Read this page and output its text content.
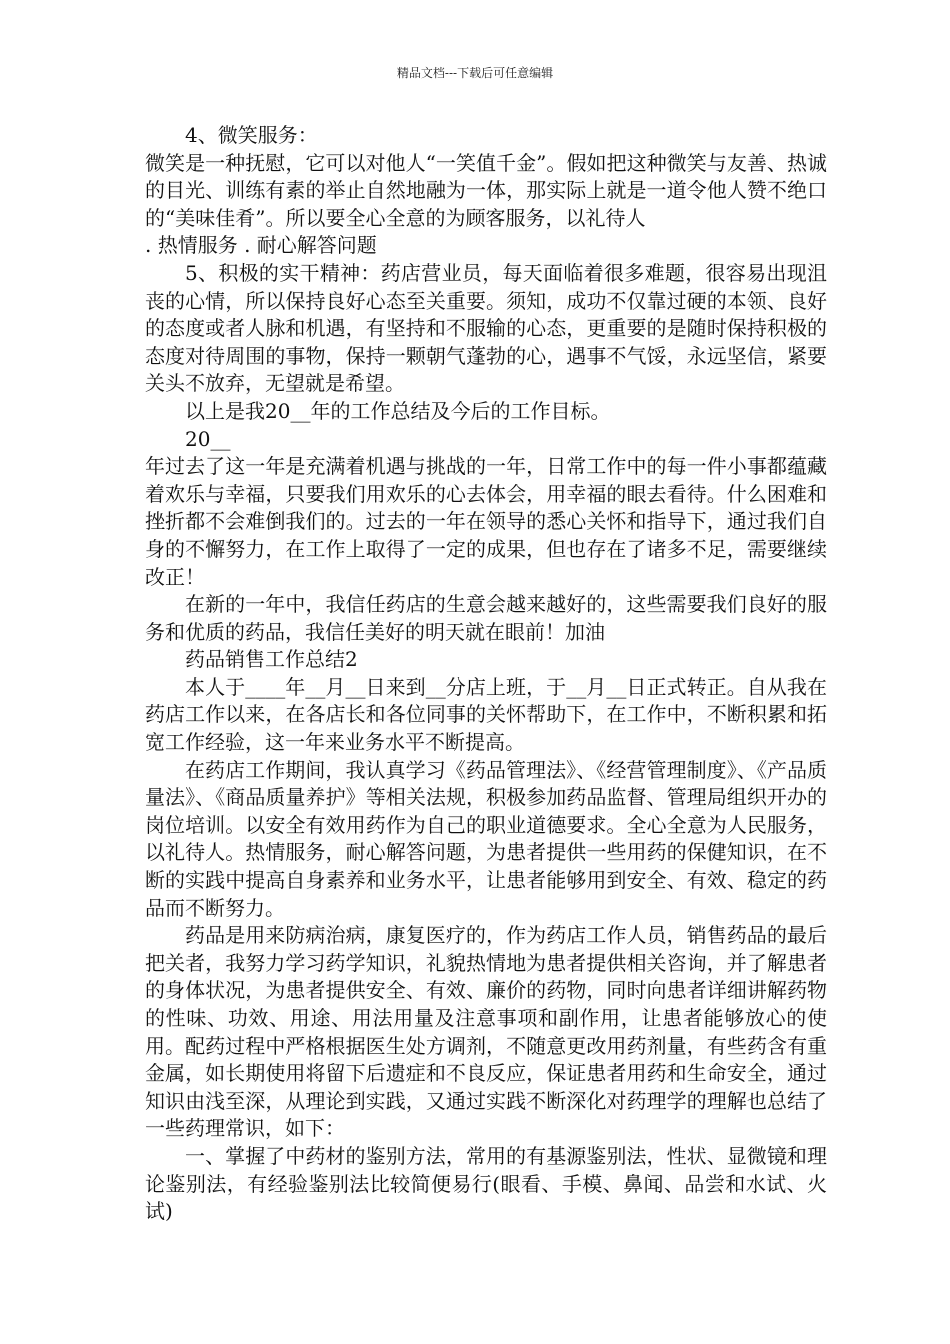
精品文档---下载后可任意编辑

4、微笑服务：

微笑是一种抚慰，它可以对他人“一笑值千金”。假如把这种微笑与友善、热诚的目光、训练有素的举止自然地融为一体，那实际上就是一道令他人赞不绝口的“美味佳肴”。所以要全心全意的为顾客服务，以礼待人

. 热情服务 . 耐心解答问题

5、积极的实干精神：药店营业员，每天面临着很多难题，很容易出现沮丧的心情，所以保持良好心态至关重要。须知，成功不仅靠过硬的本领、良好的态度或者人脉和机遇，有坚持和不服输的心态，更重要的是随时保持积极的态度对待周围的事物，保持一颗朝气蓬勃的心，遇事不气馁，永远坚信，紧要关头不放弃，无望就是希望。

以上是我20__年的工作总结及今后的工作目标。

20__

年过去了这一年是充满着机遇与挑战的一年，日常工作中的每一件小事都蕴藏着欢乐与幸福，只要我们用欢乐的心去体会，用幸福的眼去看待。什么困难和挫折都不会难倒我们的。过去的一年在领导的悉心关怀和指导下，通过我们自身的不懈努力，在工作上取得了一定的成果，但也存在了诸多不足，需要继续改正！

在新的一年中，我信任药店的生意会越来越好的，这些需要我们良好的服务和优质的药品，我信任美好的明天就在眼前！加油

药品销售工作总结2

本人于____年__月__日来到__分店上班，于__月__日正式转正。自从我在药店工作以来，在各店长和各位同事的关怀帮助下，在工作中，不断积累和拓宽工作经验，这一年来业务水平不断提高。

在药店工作期间，我认真学习《药品管理法》、《经营管理制度》、《产品质量法》、《商品质量养护》等相关法规，积极参加药品监督、管理局组织开办的岗位培训。以安全有效用药作为自己的职业道德要求。全心全意为人民服务，以礼待人。热情服务，耐心解答问题，为患者提供一些用药的保健知识，在不断的实践中提高自身素养和业务水平，让患者能够用到安全、有效、稳定的药品而不断努力。

药品是用来防病治病，康复医疗的，作为药店工作人员，销售药品的最后把关者，我努力学习药学知识，礼貌热情地为患者提供相关咨询，并了解患者的身体状况，为患者提供安全、有效、廉价的药物，同时向患者详细讲解药物的性味、功效、用途、用法用量及注意事项和副作用，让患者能够放心的使用。配药过程中严格根据医生处方调剂，不随意更改用药剂量，有些药含有重金属，如长期使用将留下后遗症和不良反应，保证患者用药和生命安全，通过知识由浅至深，从理论到实践，又通过实践不断深化对药理学的理解也总结了一些药理常识，如下：

一、掌握了中药材的鉴别方法，常用的有基源鉴别法，性状、显微镜和理论鉴别法，有经验鉴别法比较简便易行(眼看、手模、鼻闻、品尝和水试、火试)
